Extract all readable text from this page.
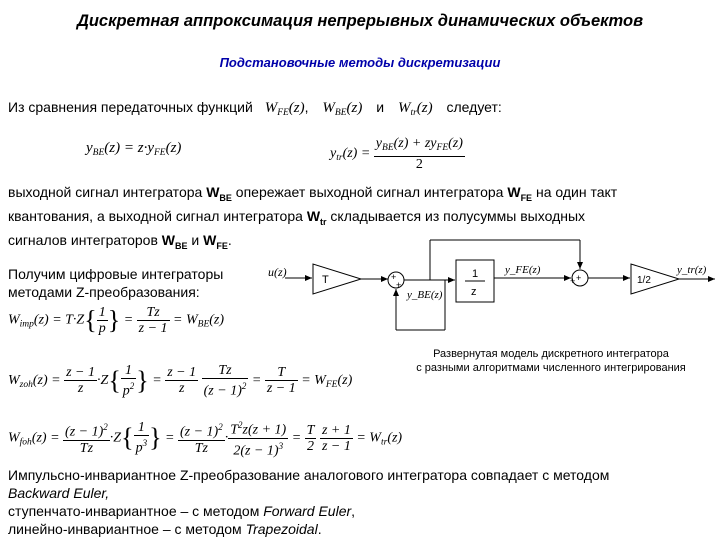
Дискретная аппроксимация непрерывных динамических объектов
Подстановочные методы дискретизации
Из сравнения передаточных функций $W_{FE}(z)$, $W_{BE}(z)$ и $W_{tr}(z)$ следует:
$y_{BE}(z) = z\cdot y_{FE}(z)$	$y_{tr}(z) = \frac{y_{BE}(z) + zy_{FE}(z)}{2}$
выходной сигнал интегратора $W_{BE}$ опережает выходной сигнал интегратора $W_{FE}$ на один такт
квантования, а выходной сигнал интегратора $W_{tr}$ складывается из полусуммы выходных
сигналов интеграторов $W_{BE}$ и $W_{FE}$.
Получим цифровые интеграторы
методами Z-преобразования:
u(z)
T	+
+
1
z
y_FE(z)
y_BE(z)
+
+	1/2
y_tr(z)
Развернутая модель дискретного интегратора
с разными алгоритмами численного интегрирования
$W_{imp}(z) = T\cdot Z\{ \frac{1}{p}$ } = $\frac{Tz}{z - 1} = W_{BE}(z)$
$W_{zoh}(z) = \frac{z - 1}{z} \cdot Z\{ \frac{1}{p^2}$ } = $\frac{z - 1}{z}$
$\frac{Tz}{(z - 1)^2} = \frac{T}{z - 1} = W_{FE}(z)$
$W_{foh}(z) = \frac{(z - 1)^2}{Tz} \cdot Z\{ \frac{1}{p^3}$ } = $\frac{(z - 1)^2}{Tz} \cdot \frac{T^2z(z + 1)}{2(z - 1)^3} = \frac{T}{2}$
$\frac{z + 1}{z - 1} = W_{tr}(z)$
Импульсно-инвариантное Z-преобразование аналогового интегратора совпадает с методом
Backward Euler,
ступенчато-инвариантное – с методом Forward Euler,
линейно-инвариантное – с методом Trapezoidal.
